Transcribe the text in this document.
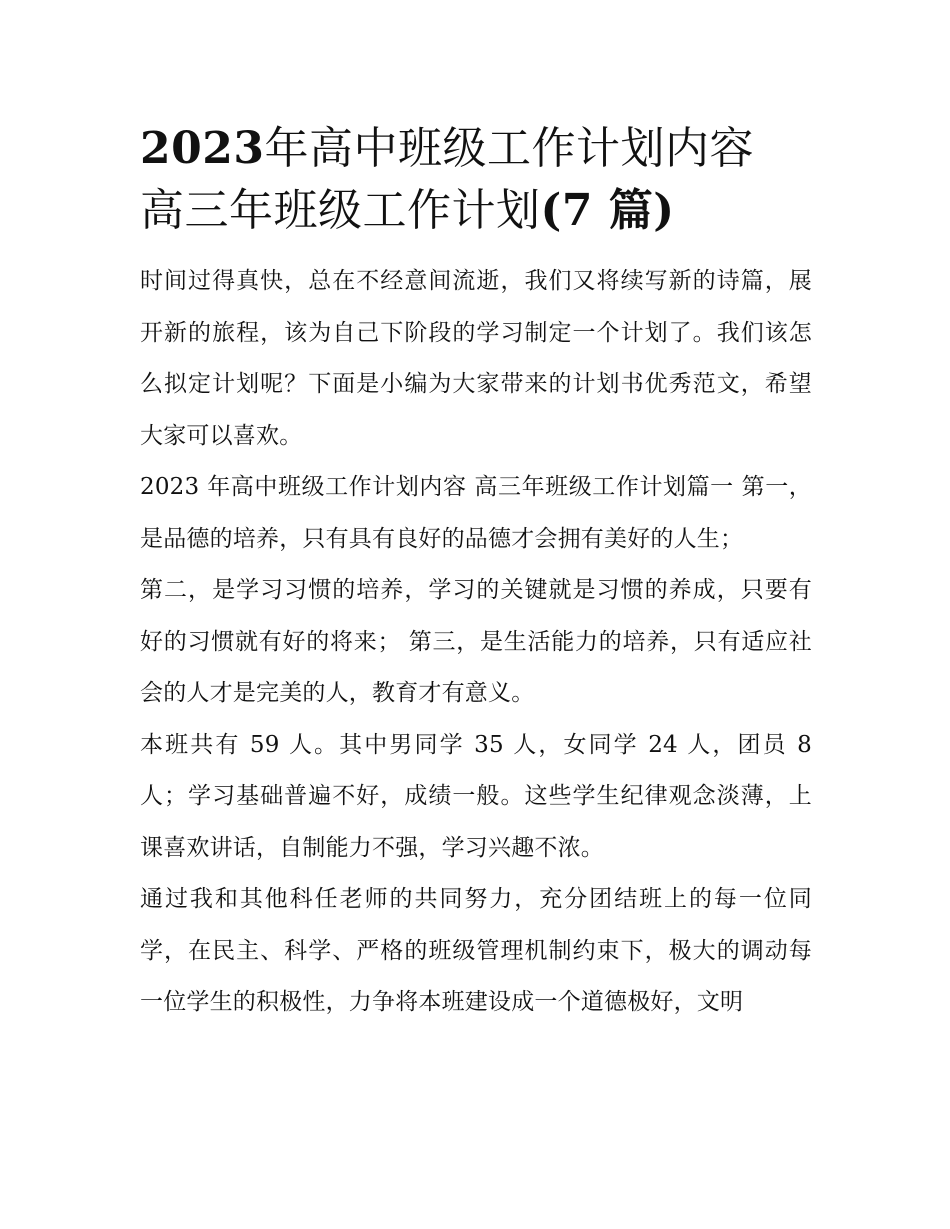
2023年高中班级工作计划内容
高三年班级工作计划(7 篇)

时间过得真快，总在不经意间流逝，我们又将续写新的诗篇，展开新的旅程，该为自己下阶段的学习制定一个计划了。我们该怎么拟定计划呢？下面是小编为大家带来的计划书优秀范文，希望大家可以喜欢。

2023 年高中班级工作计划内容 高三年班级工作计划篇一 第一，是品德的培养，只有具有良好的品德才会拥有美好的人生；

第二，是学习习惯的培养，学习的关键就是习惯的养成，只要有好的习惯就有好的将来； 第三，是生活能力的培养，只有适应社会的人才是完美的人，教育才有意义。

本班共有 59 人。其中男同学 35 人，女同学 24 人，团员 8 人；学习基础普遍不好，成绩一般。这些学生纪律观念淡薄，上课喜欢讲话，自制能力不强，学习兴趣不浓。

通过我和其他科任老师的共同努力，充分团结班上的每一位同学，在民主、科学、严格的班级管理机制约束下，极大的调动每一位学生的积极性，力争将本班建设成一个道德极好，文明
